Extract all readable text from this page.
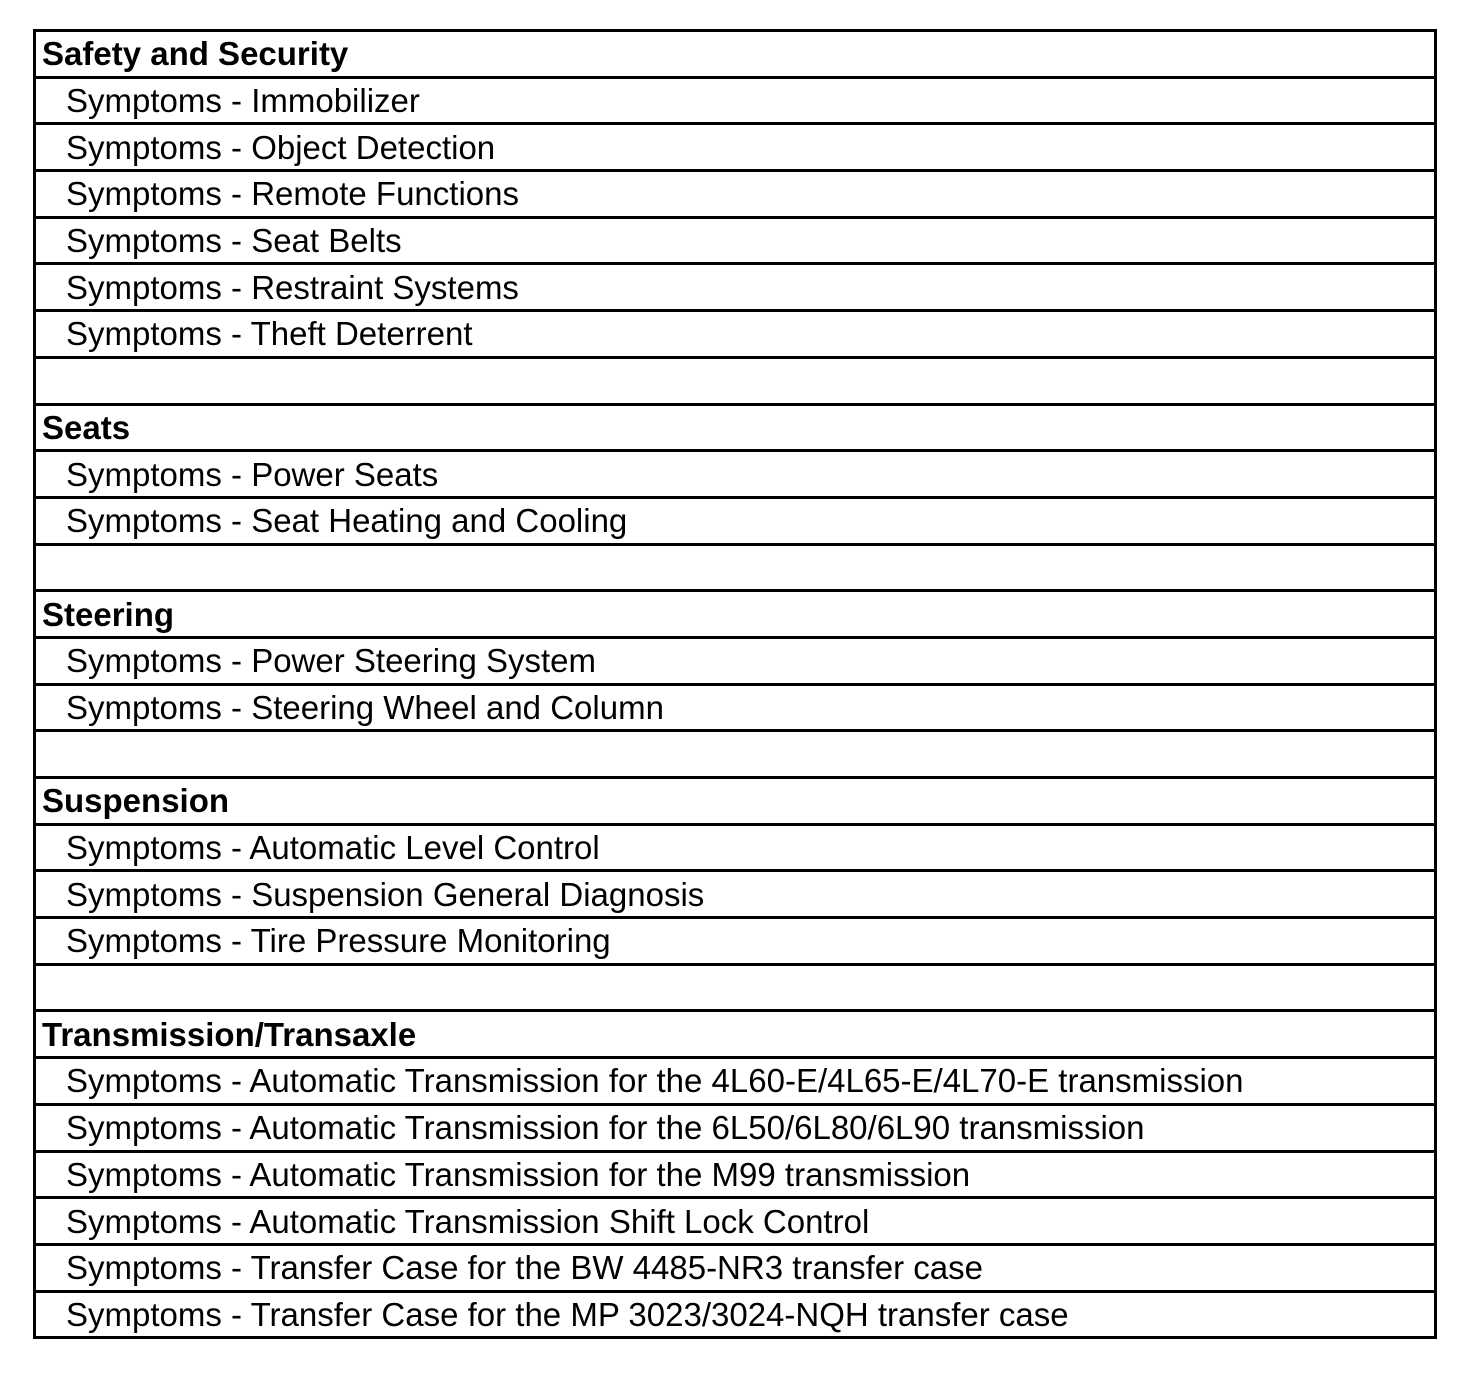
Safety and Security
Symptoms - Immobilizer
Symptoms - Object Detection
Symptoms - Remote Functions
Symptoms - Seat Belts
Symptoms - Restraint Systems
Symptoms - Theft Deterrent
Seats
Symptoms - Power Seats
Symptoms - Seat Heating and Cooling
Steering
Symptoms - Power Steering System
Symptoms - Steering Wheel and Column
Suspension
Symptoms - Automatic Level Control
Symptoms - Suspension General Diagnosis
Symptoms - Tire Pressure Monitoring
Transmission/Transaxle
Symptoms - Automatic Transmission for the 4L60-E/4L65-E/4L70-E transmission
Symptoms - Automatic Transmission for the 6L50/6L80/6L90 transmission
Symptoms - Automatic Transmission for the M99 transmission
Symptoms - Automatic Transmission Shift Lock Control
Symptoms - Transfer Case for the BW 4485-NR3 transfer case
Symptoms - Transfer Case for the MP 3023/3024-NQH transfer case
